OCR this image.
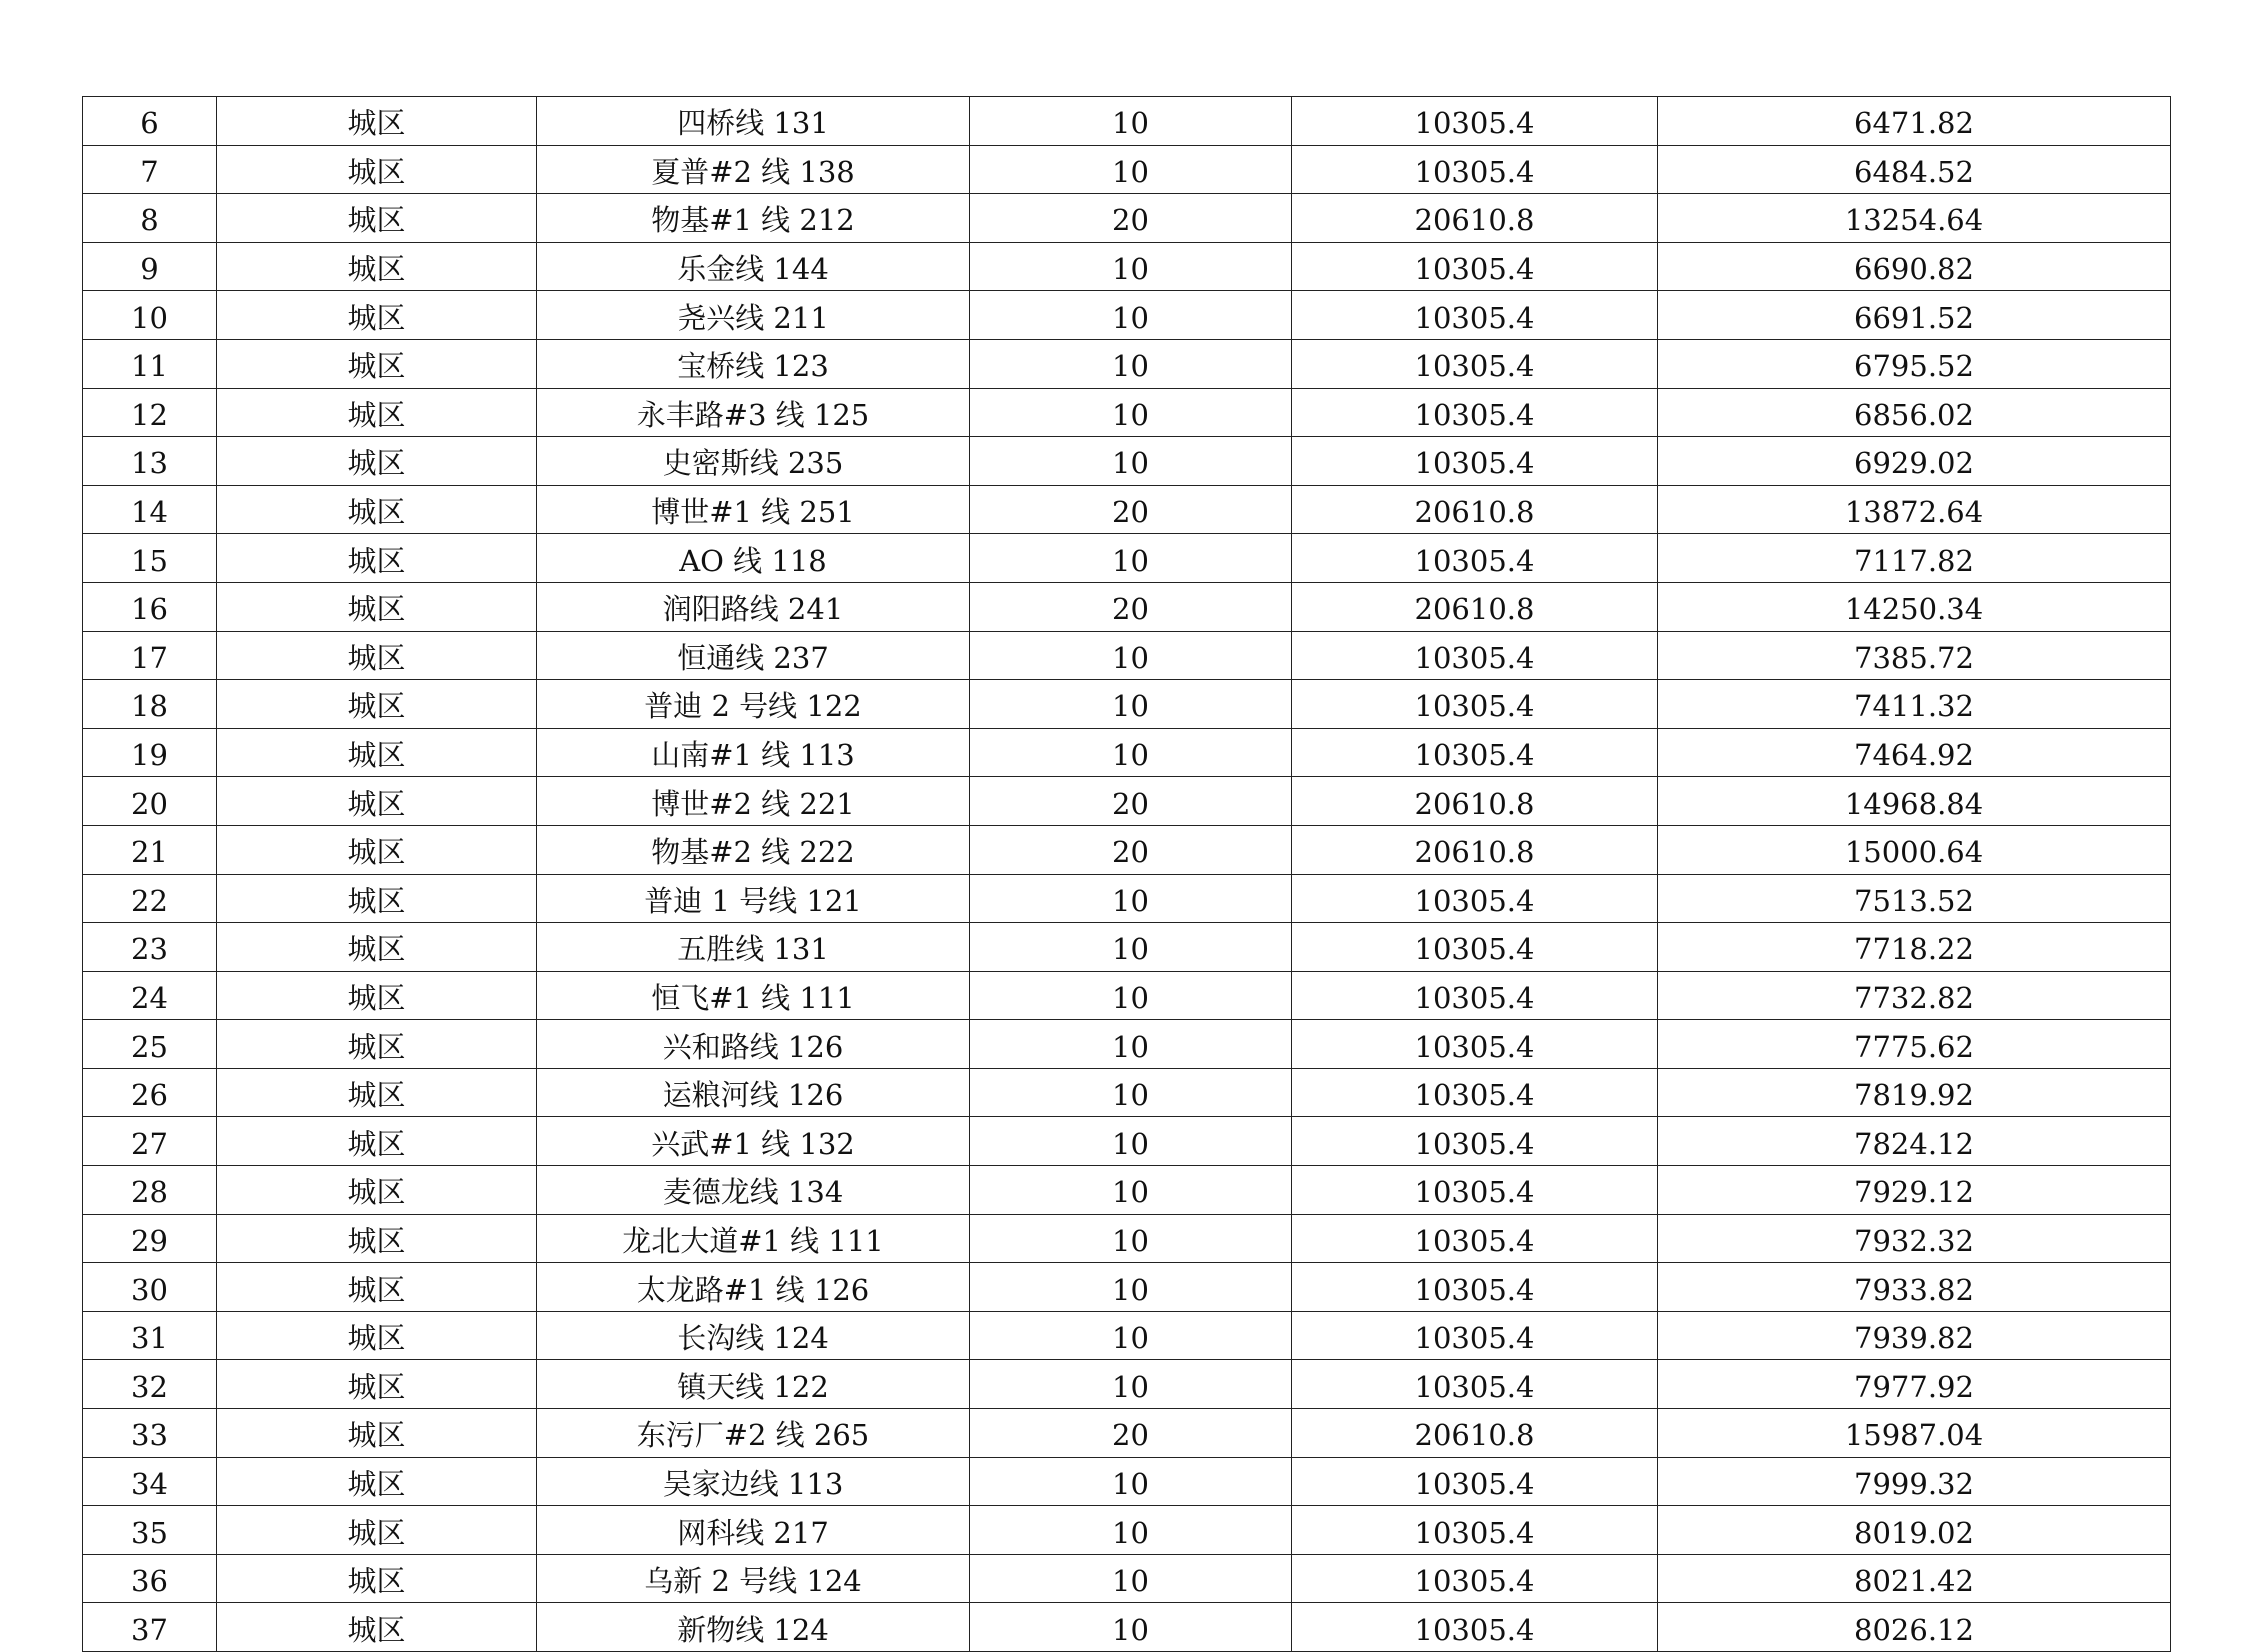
6	城区	四桥线 131	10	10305.4	6471.82
7	城区	夏普#2 线 138	10	10305.4	6484.52
8	城区	物基#1 线 212	20	20610.8	13254.64
9	城区	乐金线 144	10	10305.4	6690.82
10	城区	尧兴线 211	10	10305.4	6691.52
11	城区	宝桥线 123	10	10305.4	6795.52
12	城区	永丰路#3 线 125	10	10305.4	6856.02
13	城区	史密斯线 235	10	10305.4	6929.02
14	城区	博世#1 线 251	20	20610.8	13872.64
15	城区	AO 线 118	10	10305.4	7117.82
16	城区	润阳路线 241	20	20610.8	14250.34
17	城区	恒通线 237	10	10305.4	7385.72
18	城区	普迪 2 号线 122	10	10305.4	7411.32
19	城区	山南#1 线 113	10	10305.4	7464.92
20	城区	博世#2 线 221	20	20610.8	14968.84
21	城区	物基#2 线 222	20	20610.8	15000.64
22	城区	普迪 1 号线 121	10	10305.4	7513.52
23	城区	五胜线 131	10	10305.4	7718.22
24	城区	恒飞#1 线 111	10	10305.4	7732.82
25	城区	兴和路线 126	10	10305.4	7775.62
26	城区	运粮河线 126	10	10305.4	7819.92
27	城区	兴武#1 线 132	10	10305.4	7824.12
28	城区	麦德龙线 134	10	10305.4	7929.12
29	城区	龙北大道#1 线 111	10	10305.4	7932.32
30	城区	太龙路#1 线 126	10	10305.4	7933.82
31	城区	长沟线 124	10	10305.4	7939.82
32	城区	镇天线 122	10	10305.4	7977.92
33	城区	东污厂#2 线 265	20	20610.8	15987.04
34	城区	吴家边线 113	10	10305.4	7999.32
35	城区	网科线 217	10	10305.4	8019.02
36	城区	乌新 2 号线 124	10	10305.4	8021.42
37	城区	新物线 124	10	10305.4	8026.12
